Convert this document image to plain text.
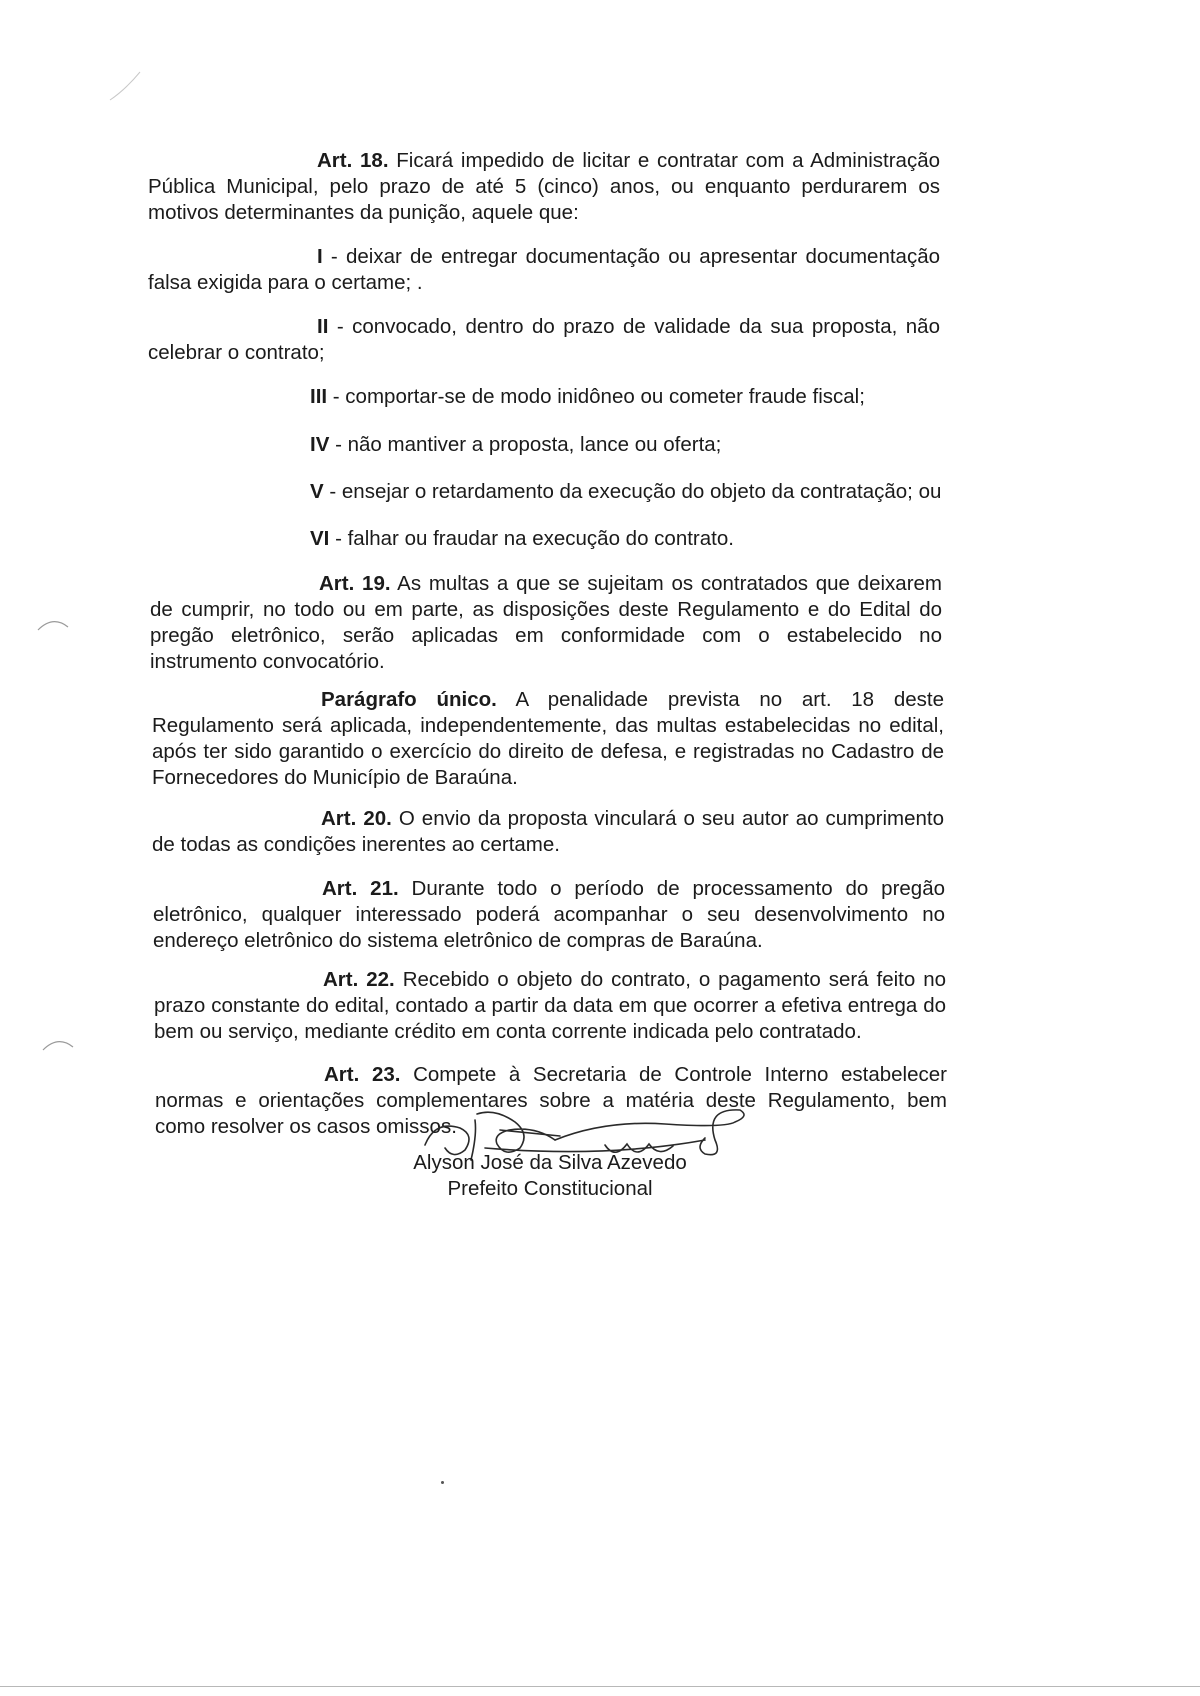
Art. 18. Ficará impedido de licitar e contratar com a Administração Pública Municipal, pelo prazo de até 5 (cinco) anos, ou enquanto perdurarem os motivos determinantes da punição, aquele que:

I - deixar de entregar documentação ou apresentar documentação falsa exigida para o certame; .

II - convocado, dentro do prazo de validade da sua proposta, não celebrar o contrato;

III - comportar-se de modo inidôneo ou cometer fraude fiscal;

IV - não mantiver a proposta, lance ou oferta;

V - ensejar o retardamento da execução do objeto da contratação; ou

VI - falhar ou fraudar na execução do contrato.

Art. 19. As multas a que se sujeitam os contratados que deixarem de cumprir, no todo ou em parte, as disposições deste Regulamento e do Edital do pregão eletrônico, serão aplicadas em conformidade com o estabelecido no instrumento convocatório.

Parágrafo único. A penalidade prevista no art. 18 deste Regulamento será aplicada, independentemente, das multas estabelecidas no edital, após ter sido garantido o exercício do direito de defesa, e registradas no Cadastro de Fornecedores do Município de Baraúna.

Art. 20. O envio da proposta vinculará o seu autor ao cumprimento de todas as condições inerentes ao certame.

Art. 21. Durante todo o período de processamento do pregão eletrônico, qualquer interessado poderá acompanhar o seu desenvolvimento no endereço eletrônico do sistema eletrônico de compras de Baraúna.

Art. 22. Recebido o objeto do contrato, o pagamento será feito no prazo constante do edital, contado a partir da data em que ocorrer a efetiva entrega do bem ou serviço, mediante crédito em conta corrente indicada pelo contratado.

Art. 23. Compete à Secretaria de Controle Interno estabelecer normas e orientações complementares sobre a matéria deste Regulamento, bem como resolver os casos omissos.

Alyson José da Silva Azevedo
Prefeito Constitucional
